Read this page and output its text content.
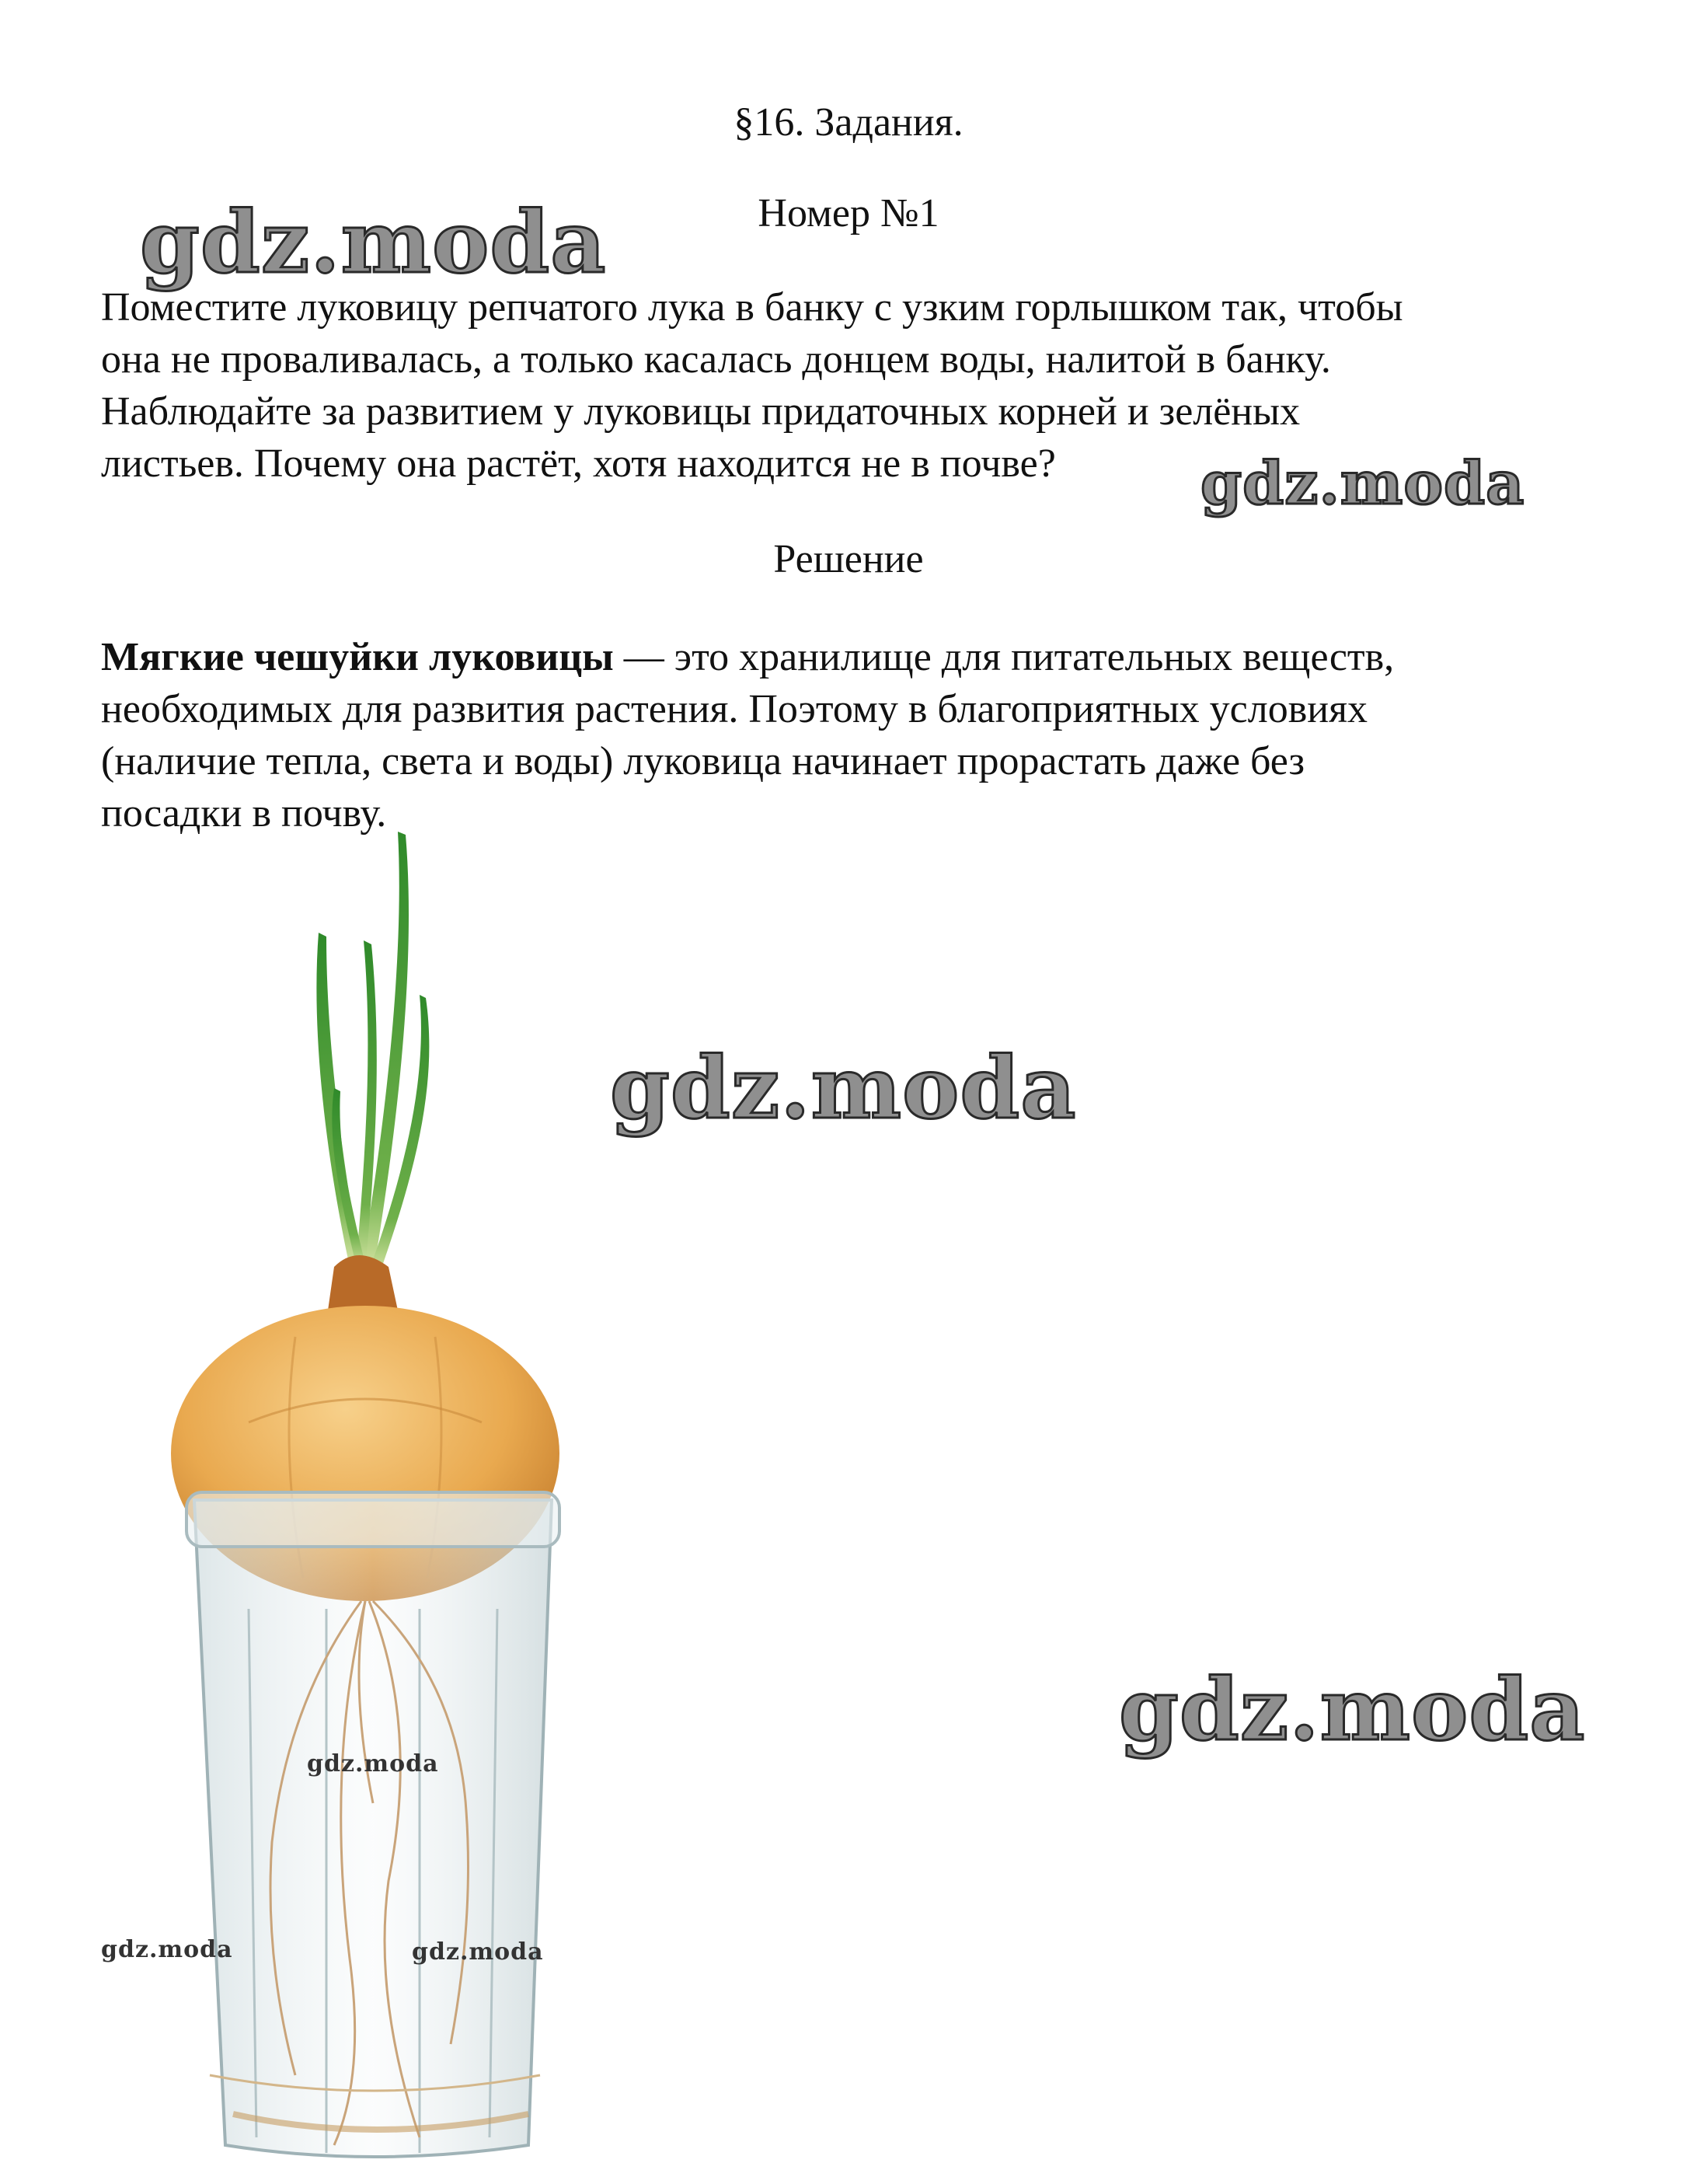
§16. Задания.
Номер №1
Поместите луковицу репчатого лука в банку с узким горлышком так, чтобы
она не проваливалась, а только касалась донцем воды, налитой в банку.
Наблюдайте за развитием у луковицы придаточных корней и зелёных
листьев. Почему она растёт, хотя находится не в почве?
Решение
Мягкие чешуйки луковицы — это хранилище для питательных веществ,
необходимых для развития растения. Поэтому в благоприятных условиях
(наличие тепла, света и воды) луковица начинает прорастать даже без
посадки в почву.
gdz.moda
gdz.moda
gdz.moda
gdz.moda
gdz.moda
gdz.moda	gdz.moda
